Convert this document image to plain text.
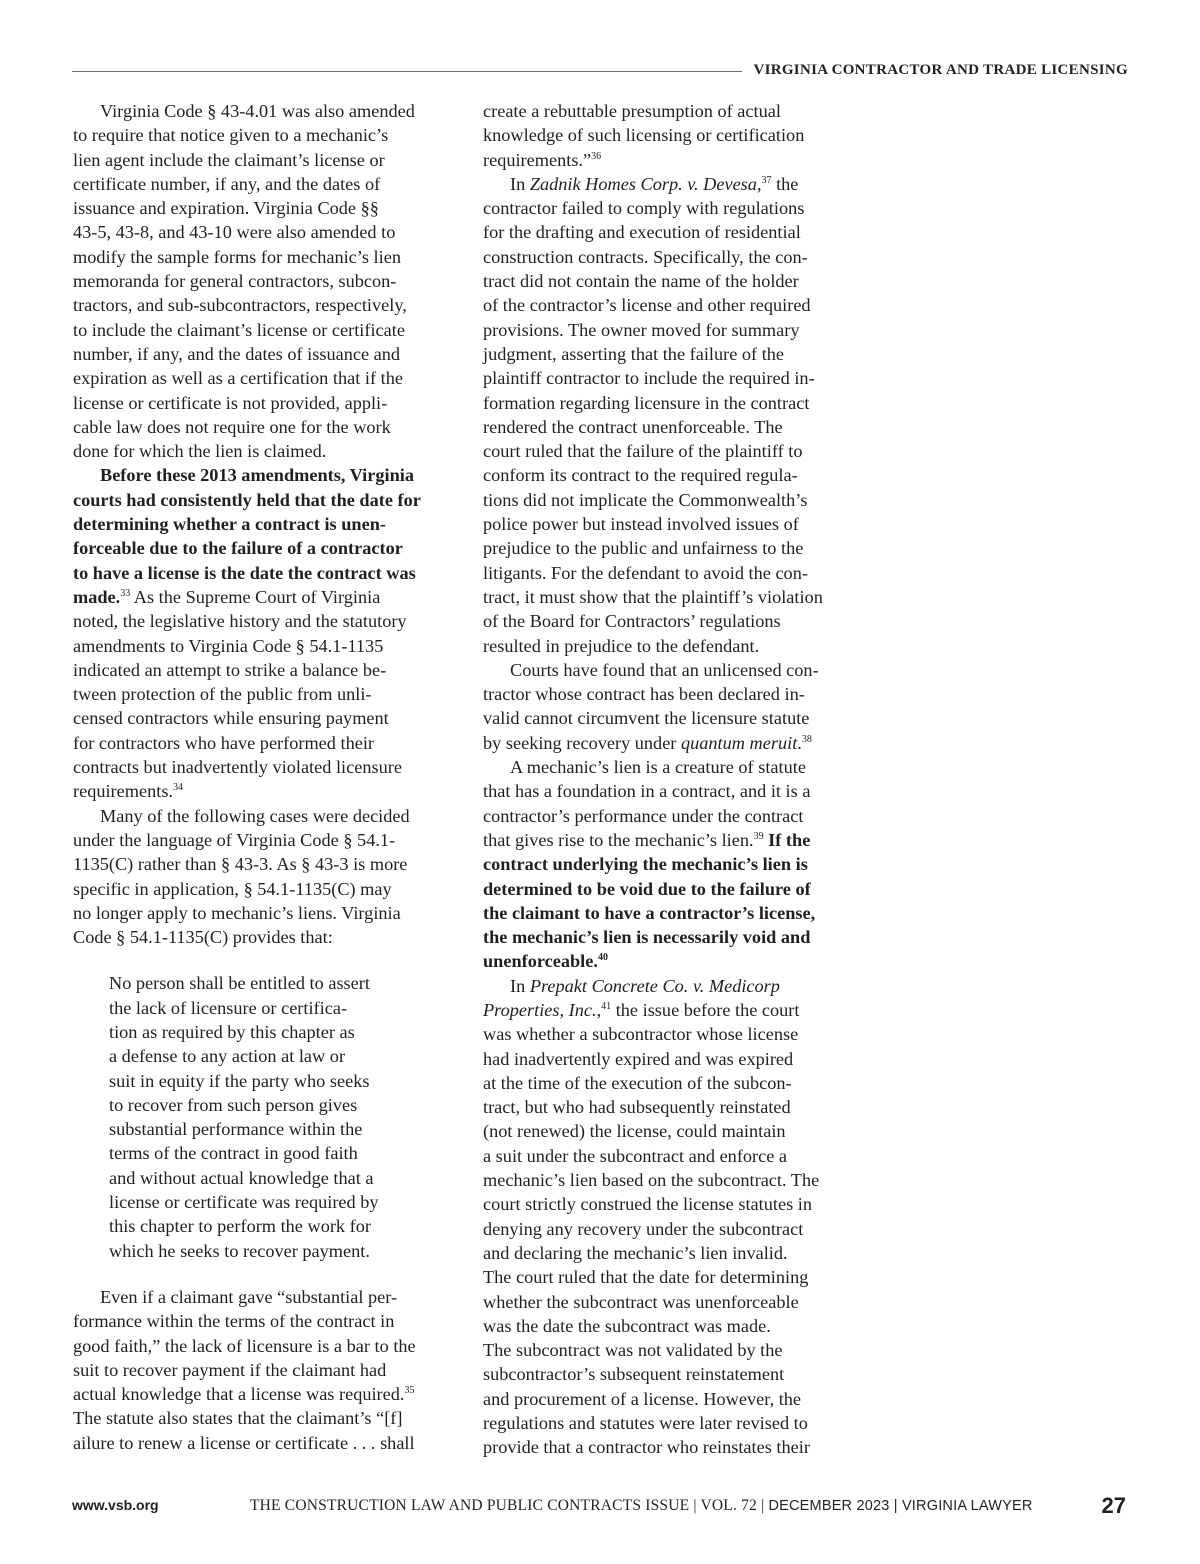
VIRGINIA CONTRACTOR AND TRADE LICENSING
Virginia Code § 43-4.01 was also amended
to require that notice given to a mechanic’s
lien agent include the claimant’s license or
certificate number, if any, and the dates of
issuance and expiration. Virginia Code §§
43-5, 43-8, and 43-10 were also amended to
modify the sample forms for mechanic’s lien
memoranda for general contractors, subcon-
tractors, and sub-subcontractors, respectively,
to include the claimant’s license or certificate
number, if any, and the dates of issuance and
expiration as well as a certification that if the
license or certificate is not provided, appli-
cable law does not require one for the work
done for which the lien is claimed.
Before these 2013 amendments, Virginia
courts had consistently held that the date for
determining whether a contract is unen-
forceable due to the failure of a contractor
to have a license is the date the contract was
made.$^{33}$ As the Supreme Court of Virginia
noted, the legislative history and the statutory
amendments to Virginia Code § 54.1-1135
indicated an attempt to strike a balance be-
tween protection of the public from unli-
censed contractors while ensuring payment
for contractors who have performed their
contracts but inadvertently violated licensure
requirements.$^{34}$
Many of the following cases were decided
under the language of Virginia Code § 54.1-
1135(C) rather than § 43-3. As § 43-3 is more
specific in application, § 54.1-1135(C) may
no longer apply to mechanic’s liens. Virginia
Code § 54.1-1135(C) provides that:
No person shall be entitled to assert
the lack of licensure or certifica-
tion as required by this chapter as
a defense to any action at law or
suit in equity if the party who seeks
to recover from such person gives
substantial performance within the
terms of the contract in good faith
and without actual knowledge that a
license or certificate was required by
this chapter to perform the work for
which he seeks to recover payment.
Even if a claimant gave “substantial per-
formance within the terms of the contract in
good faith,” the lack of licensure is a bar to the
suit to recover payment if the claimant had
actual knowledge that a license was required.$^{35}$
The statute also states that the claimant’s “[f]
ailure to renew a license or certificate . . . shall
create a rebuttable presumption of actual
knowledge of such licensing or certification
requirements.”$^{36}$
In Zadnik Homes Corp. v. Devesa,$^{37}$ the
contractor failed to comply with regulations
for the drafting and execution of residential
construction contracts. Specifically, the con-
tract did not contain the name of the holder
of the contractor’s license and other required
provisions. The owner moved for summary
judgment, asserting that the failure of the
plaintiff contractor to include the required in-
formation regarding licensure in the contract
rendered the contract unenforceable. The
court ruled that the failure of the plaintiff to
conform its contract to the required regula-
tions did not implicate the Commonwealth’s
police power but instead involved issues of
prejudice to the public and unfairness to the
litigants. For the defendant to avoid the con-
tract, it must show that the plaintiff’s violation
of the Board for Contractors’ regulations
resulted in prejudice to the defendant.
Courts have found that an unlicensed con-
tractor whose contract has been declared in-
valid cannot circumvent the licensure statute
by seeking recovery under quantum meruit.$^{38}$
A mechanic’s lien is a creature of statute
that has a foundation in a contract, and it is a
contractor’s performance under the contract
that gives rise to the mechanic’s lien.$^{39}$ If the
contract underlying the mechanic’s lien is
determined to be void due to the failure of
the claimant to have a contractor’s license,
the mechanic’s lien is necessarily void and
unenforceable.$^{40}$
In Prepakt Concrete Co. v. Medicorp
Properties, Inc.,$^{41}$ the issue before the court
was whether a subcontractor whose license
had inadvertently expired and was expired
at the time of the execution of the subcon-
tract, but who had subsequently reinstated
(not renewed) the license, could maintain
a suit under the subcontract and enforce a
mechanic’s lien based on the subcontract. The
court strictly construed the license statutes in
denying any recovery under the subcontract
and declaring the mechanic’s lien invalid.
The court ruled that the date for determining
whether the subcontract was unenforceable
was the date the subcontract was made.
The subcontract was not validated by the
subcontractor’s subsequent reinstatement
and procurement of a license. However, the
regulations and statutes were later revised to
provide that a contractor who reinstates their
www.vsb.org	THE CONSTRUCTION LAW AND PUBLIC CONTRACTS ISSUE | VOL. 72 | DECEMBER 2023 | VIRGINIA LAWYER	27
